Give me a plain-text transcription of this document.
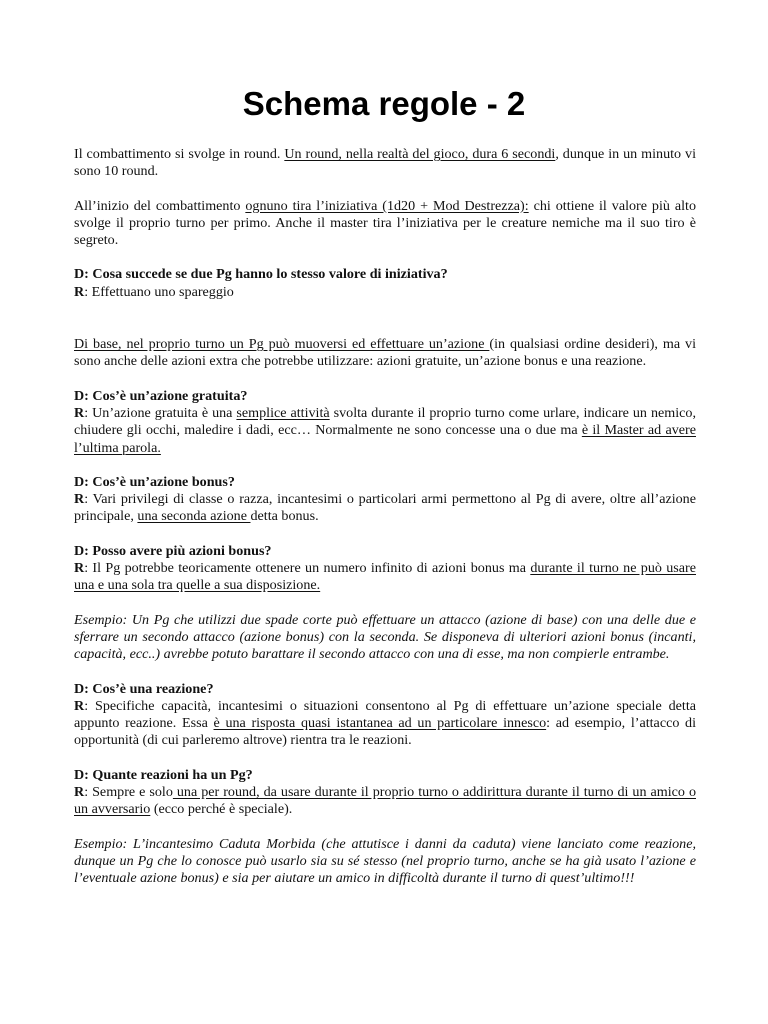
Schema regole - 2

Il combattimento si svolge in round. Un round, nella realtà del gioco, dura 6 secondi, dunque in un minuto vi sono 10 round.

All’inizio del combattimento ognuno tira l’iniziativa (1d20 + Mod Destrezza): chi ottiene il valore più alto svolge il proprio turno per primo. Anche il master tira l’iniziativa per le creature nemiche ma il suo tiro è segreto.

D: Cosa succede se due Pg hanno lo stesso valore di iniziativa?

R: Effettuano uno spareggio

Di base, nel proprio turno un Pg può muoversi ed effettuare un’azione (in qualsiasi ordine desideri), ma vi sono anche delle azioni extra che potrebbe utilizzare: azioni gratuite, un’azione bonus e una reazione.

D: Cos’è un’azione gratuita?

R: Un’azione gratuita è una semplice attività svolta durante il proprio turno come urlare, indicare un nemico, chiudere gli occhi, maledire i dadi, ecc… Normalmente ne sono concesse una o due ma è il Master ad avere l’ultima parola.

D: Cos’è un’azione bonus?

R: Vari privilegi di classe o razza, incantesimi o particolari armi permettono al Pg di avere, oltre all’azione principale, una seconda azione detta bonus.

D: Posso avere più azioni bonus?

R: Il Pg potrebbe teoricamente ottenere un numero infinito di azioni bonus ma durante il turno ne può usare una e una sola tra quelle a sua disposizione.

Esempio: Un Pg che utilizzi due spade corte può effettuare un attacco (azione di base) con una delle due e sferrare un secondo attacco (azione bonus) con la seconda. Se disponeva di ulteriori azioni bonus (incanti, capacità, ecc..) avrebbe potuto barattare il secondo attacco con una di esse, ma non compierle entrambe.

D: Cos’è una reazione?

R: Specifiche capacità, incantesimi o situazioni consentono al Pg di effettuare un’azione speciale detta appunto reazione. Essa è una risposta quasi istantanea ad un particolare innesco: ad esempio, l’attacco di opportunità (di cui parleremo altrove) rientra tra le reazioni.

D: Quante reazioni ha un Pg?

R: Sempre e solo una per round, da usare durante il proprio turno o addirittura durante il turno di un amico o un avversario (ecco perché è speciale).

Esempio: L’incantesimo Caduta Morbida (che attutisce i danni da caduta) viene lanciato come reazione, dunque un Pg che lo conosce può usarlo sia su sé stesso (nel proprio turno, anche se ha già usato l’azione e l’eventuale azione bonus) e sia per aiutare un amico in difficoltà durante il turno di quest’ultimo!!!
